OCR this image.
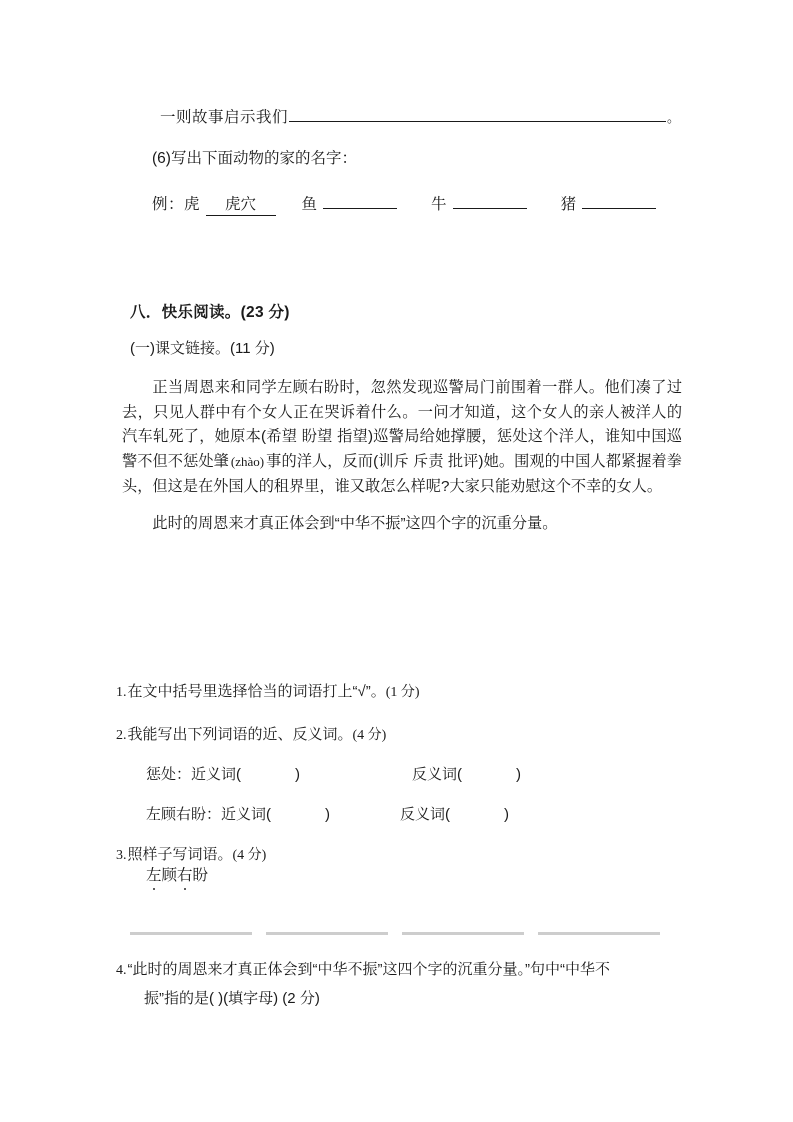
一则故事启示我们	。
(6)写出下面动物的家的名字：
例： 虎	虎穴	鱼	牛	猪
八．快乐阅读。(23 分)
(一)课文链接。(11 分)

正当周恩来和同学左顾右盼时，忽然发现巡警局门前围着一群人。他们凑了过去，只见人群中有个女人正在哭诉着什么。一问才知道，这个女人的亲人被洋人的汽车轧死了，她原本(希望 盼望 指望)巡警局给她撑腰，惩处这个洋人，谁知中国巡警不但不惩处肇 (zhào) 事的洋人，反而(训斥 斥责 批评)她。围观的中国人都紧握着拳头，但这是在外国人的租界里，谁又敢怎么样呢?大家只能劝慰这个不幸的女人。

此时的周恩来才真正体会到“中华不振”这四个字的沉重分量。

1.在文中括号里选择恰当的词语打上“√”。(1 分)
2.我能写出下列词语的近、反义词。(4 分)
惩处：近义词(	)	反义词(	)
左顾右盼：近义词(	)	反义词(	)
3.照样子写词语。(4 分)
左顾右盼
4.“此时的周恩来才真正体会到“中华不振”这四个字的沉重分量。”句中“中华不
振”指的是( )(填字母) (2 分)
